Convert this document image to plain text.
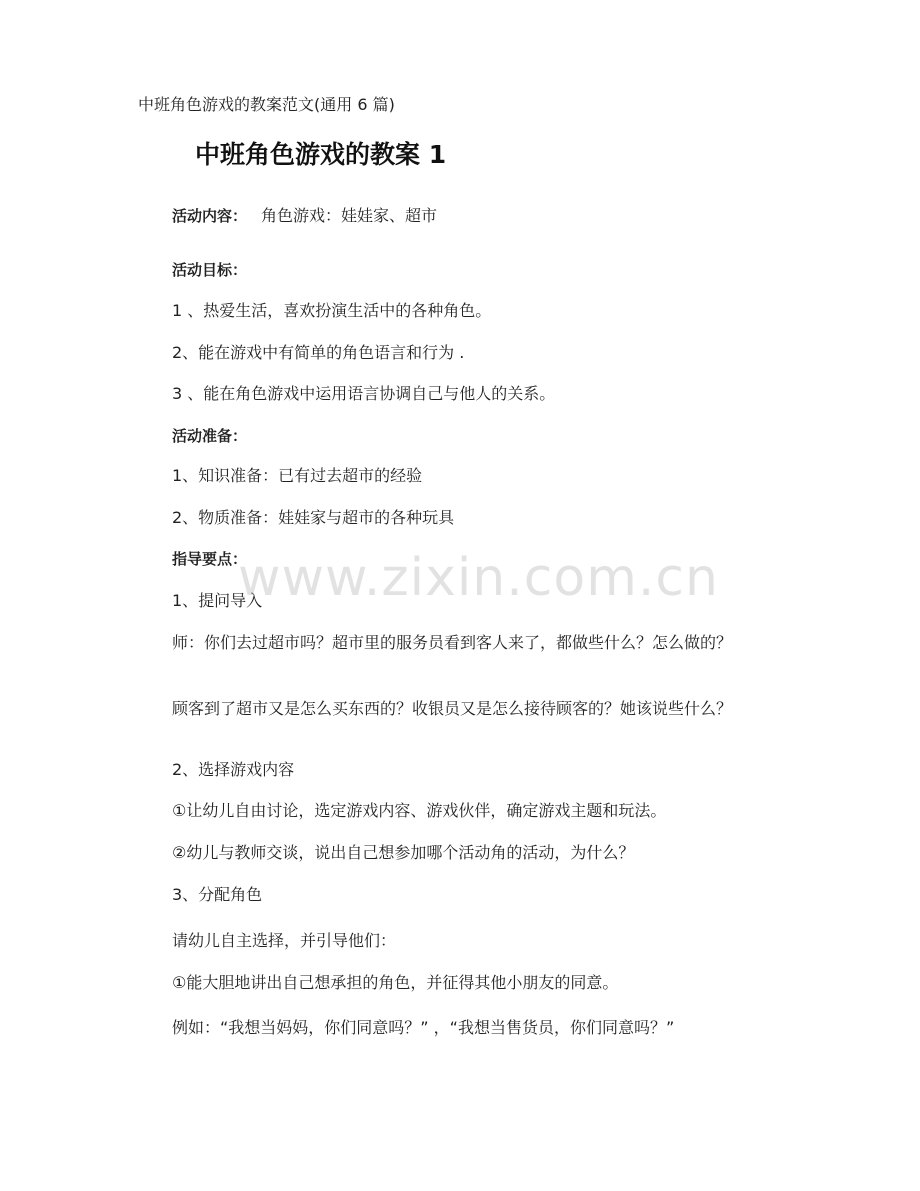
中班角色游戏的教案范文(通用 6 篇)
中班角色游戏的教案 1
活动内容： 角色游戏：娃娃家、超市
活动目标：
1 、热爱生活，喜欢扮演生活中的各种角色。
2、能在游戏中有简单的角色语言和行为 .
3 、能在角色游戏中运用语言协调自己与他人的关系。
活动准备：
1、知识准备：已有过去超市的经验
2、物质准备：娃娃家与超市的各种玩具
指导要点：
1、提问导入
师：你们去过超市吗？超市里的服务员看到客人来了，都做些什么？怎么做的？
顾客到了超市又是怎么买东西的？收银员又是怎么接待顾客的？她该说些什么？
2、选择游戏内容
①让幼儿自由讨论，选定游戏内容、游戏伙伴，确定游戏主题和玩法。
②幼儿与教师交谈，说出自己想参加哪个活动角的活动，为什么？
3、分配角色
请幼儿自主选择，并引导他们：
①能大胆地讲出自己想承担的角色，并征得其他小朋友的同意。
例如：“我想当妈妈，你们同意吗？” ，“我想当售货员，你们同意吗？”
www.zixin.com.cn
